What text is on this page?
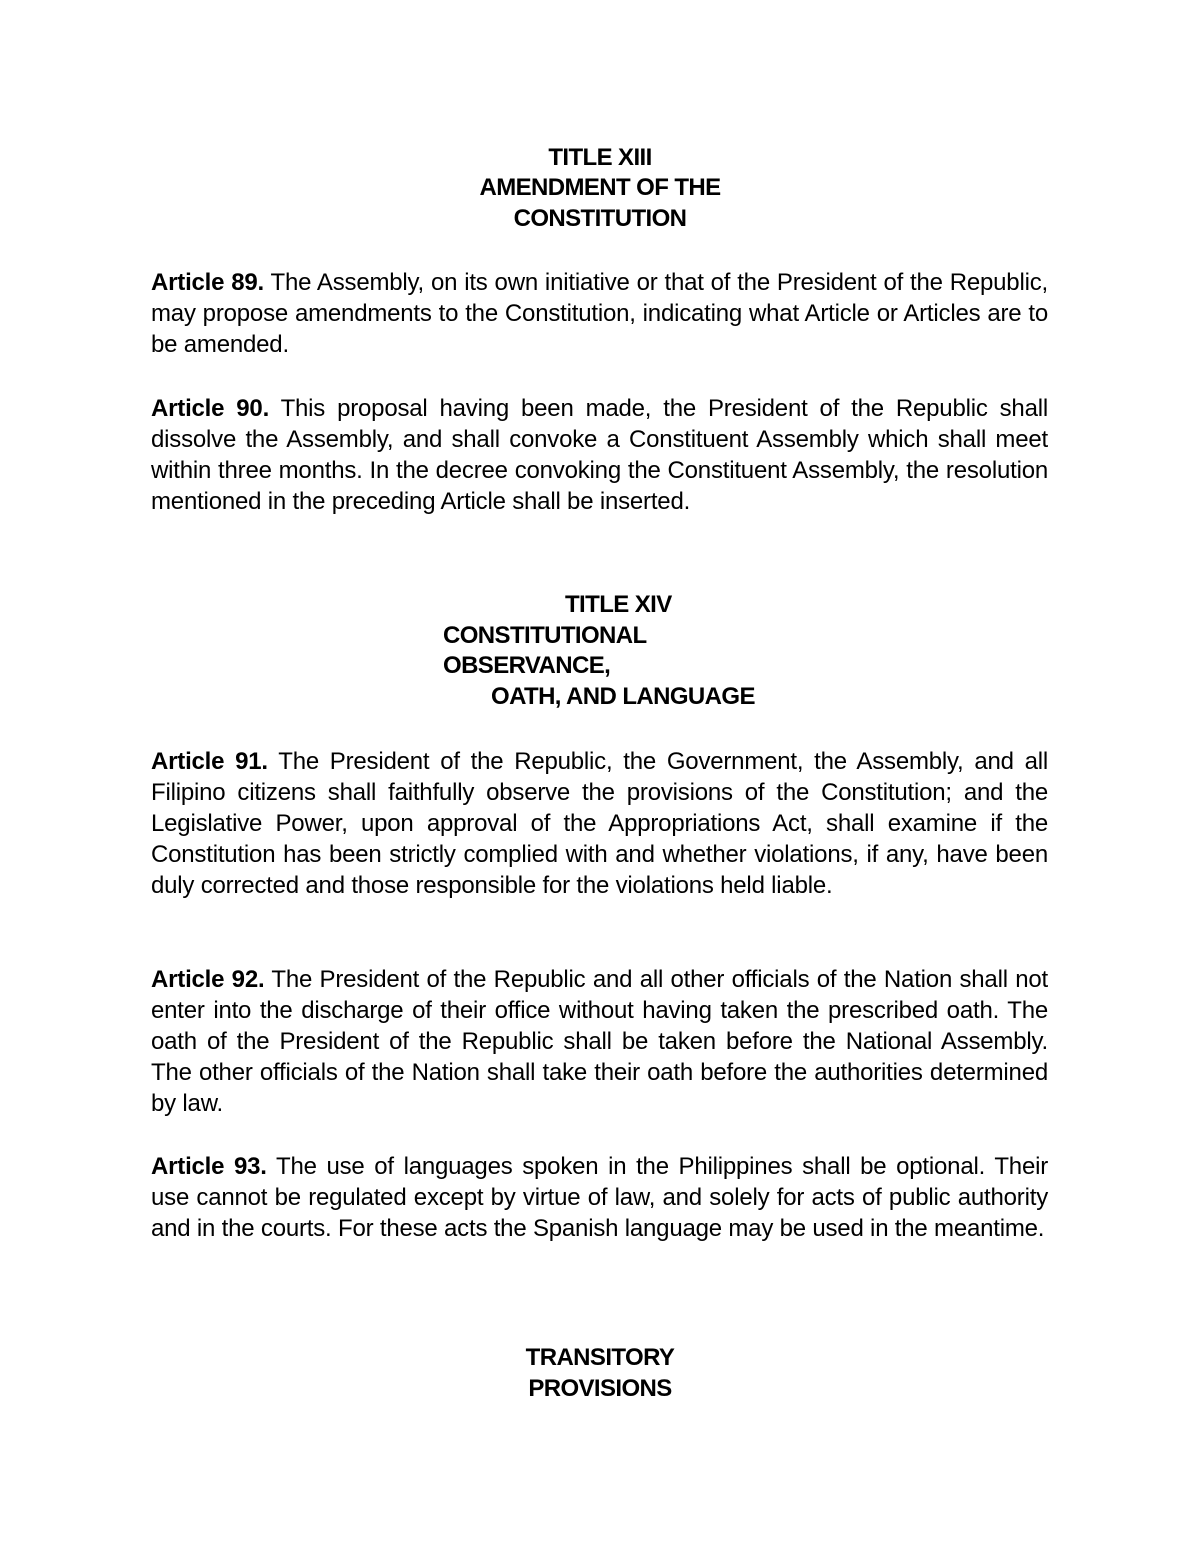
TITLE XIII
AMENDMENT OF THE
CONSTITUTION

Article 89. The Assembly, on its own initiative or that of the President of the Republic, may propose amendments to the Constitution, indicating what Article or Articles are to be amended.

Article 90. This proposal having been made, the President of the Republic shall dissolve the Assembly, and shall convoke a Constituent Assembly which shall meet within three months. In the decree convoking the Constituent Assembly, the resolution mentioned in the preceding Article shall be inserted.

TITLE XIV
CONSTITUTIONAL
OBSERVANCE,
OATH, AND LANGUAGE

Article 91. The President of the Republic, the Government, the Assembly, and all Filipino citizens shall faithfully observe the provisions of the Constitution; and the Legislative Power, upon approval of the Appropriations Act, shall examine if the Constitution has been strictly complied with and whether violations, if any, have been duly corrected and those responsible for the violations held liable.

Article 92. The President of the Republic and all other officials of the Nation shall not enter into the discharge of their office without having taken the prescribed oath. The oath of the President of the Republic shall be taken before the National Assembly. The other officials of the Nation shall take their oath before the authorities determined by law.

Article 93. The use of languages spoken in the Philippines shall be optional. Their use cannot be regulated except by virtue of law, and solely for acts of public authority and in the courts. For these acts the Spanish language may be used in the meantime.

TRANSITORY
PROVISIONS
